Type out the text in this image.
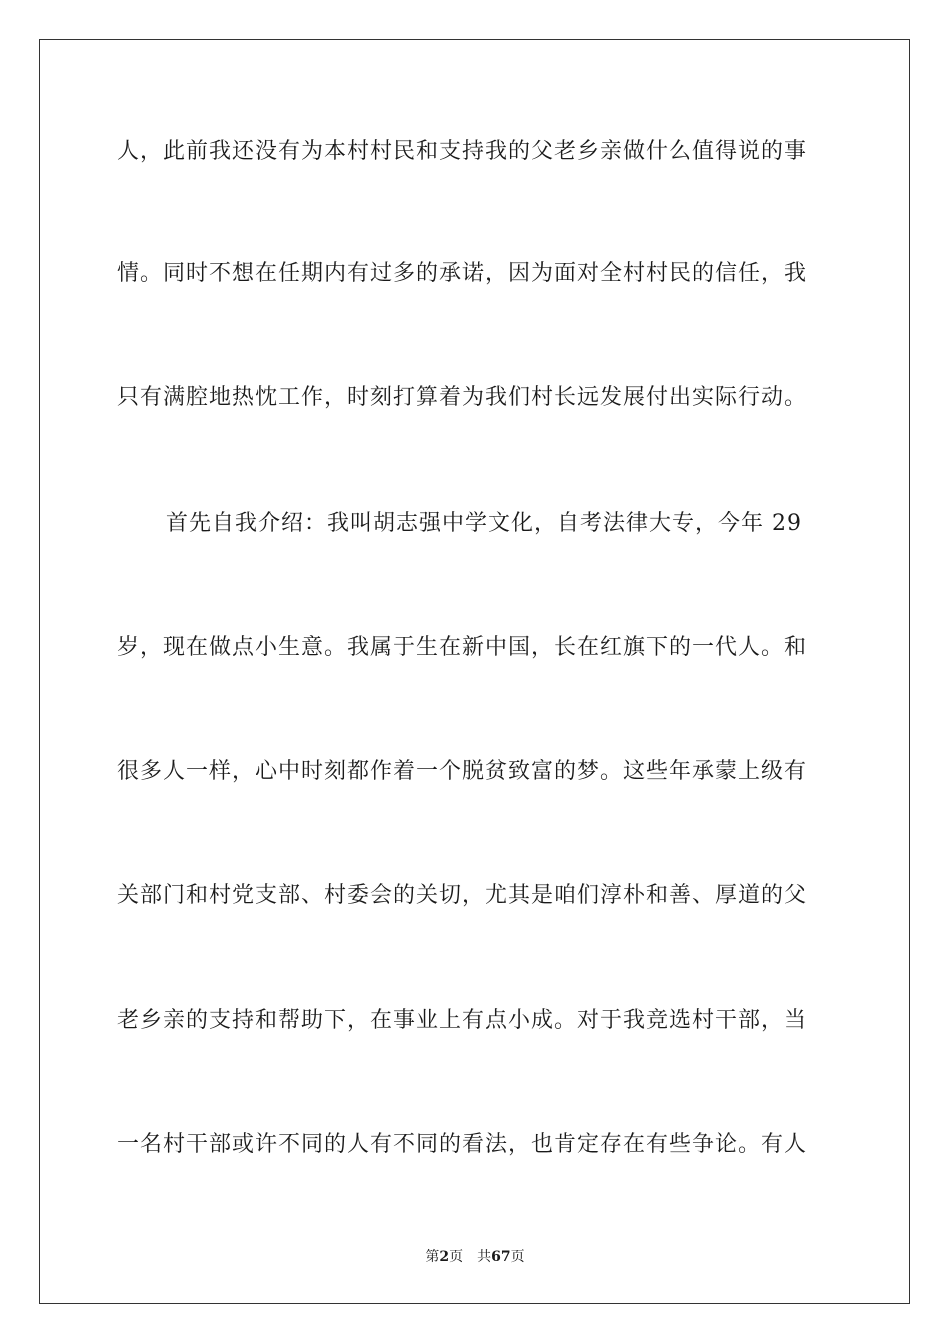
人，此前我还没有为本村村民和支持我的父老乡亲做什么值得说的事
情。同时不想在任期内有过多的承诺，因为面对全村村民的信任，我
只有满腔地热忱工作，时刻打算着为我们村长远发展付出实际行动。
首先自我介绍：我叫胡志强中学文化，自考法律大专，今年 29
岁，现在做点小生意。我属于生在新中国，长在红旗下的一代人。和
很多人一样，心中时刻都作着一个脱贫致富的梦。这些年承蒙上级有
关部门和村党支部、村委会的关切，尤其是咱们淳朴和善、厚道的父
老乡亲的支持和帮助下，在事业上有点小成。对于我竞选村干部，当
一名村干部或许不同的人有不同的看法，也肯定存在有些争论。有人
第2页 共67页
